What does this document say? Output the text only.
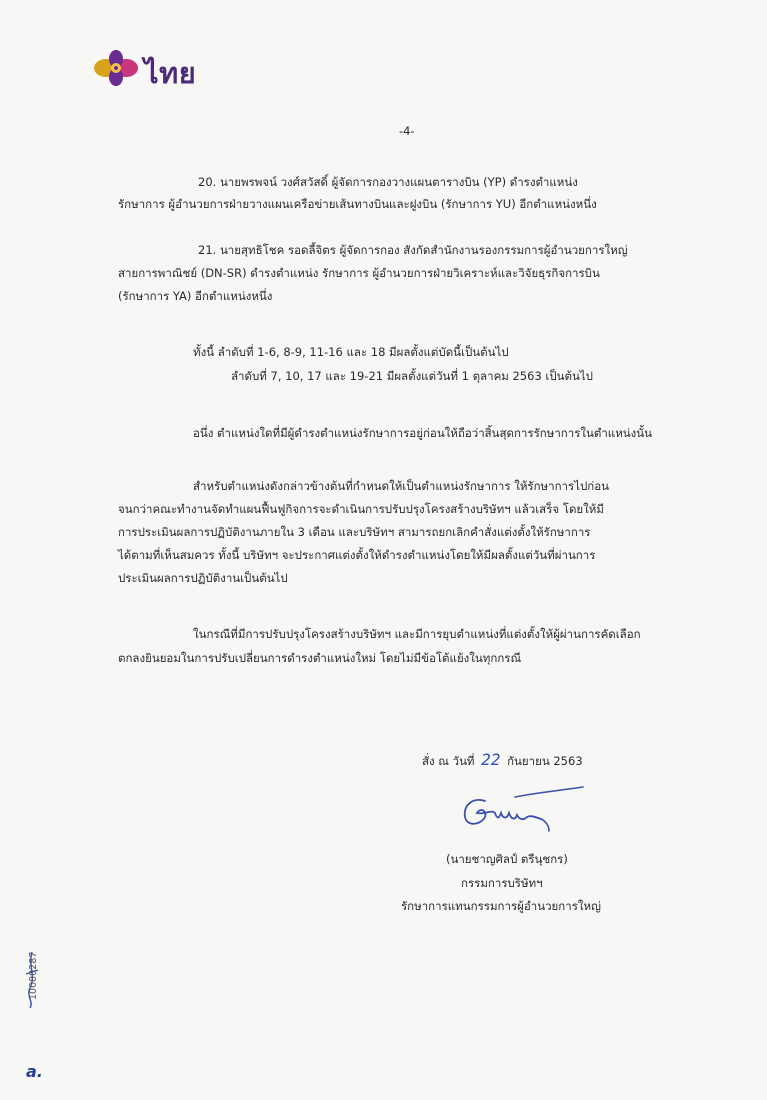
ไทย
-4-
20. นายพรพจน์ วงศ์สวัสดิ์ ผู้จัดการกองวางแผนตารางบิน (YP) ดำรงตำแหน่ง
รักษาการ ผู้อำนวยการฝ่ายวางแผนเครือข่ายเส้นทางบินและฝูงบิน (รักษาการ YU) อีกตำแหน่งหนึ่ง
21. นายสุทธิโชค รอดลี้จิตร ผู้จัดการกอง สังกัดสำนักงานรองกรรมการผู้อำนวยการใหญ่
สายการพาณิชย์ (DN-SR) ดำรงตำแหน่ง รักษาการ ผู้อำนวยการฝ่ายวิเคราะห์และวิจัยธุรกิจการบิน
(รักษาการ YA) อีกตำแหน่งหนึ่ง
ทั้งนี้ ลำดับที่ 1-6, 8-9, 11-16 และ 18 มีผลตั้งแต่บัดนี้เป็นต้นไป
ลำดับที่ 7, 10, 17 และ 19-21 มีผลตั้งแต่วันที่ 1 ตุลาคม 2563 เป็นต้นไป
อนึ่ง ตำแหน่งใดที่มีผู้ดำรงตำแหน่งรักษาการอยู่ก่อนให้ถือว่าสิ้นสุดการรักษาการในตำแหน่งนั้น
สำหรับตำแหน่งดังกล่าวข้างต้นที่กำหนดให้เป็นตำแหน่งรักษาการ ให้รักษาการไปก่อน
จนกว่าคณะทำงานจัดทำแผนฟื้นฟูกิจการจะดำเนินการปรับปรุงโครงสร้างบริษัทฯ แล้วเสร็จ โดยให้มี
การประเมินผลการปฏิบัติงานภายใน 3 เดือน และบริษัทฯ สามารถยกเลิกคำสั่งแต่งตั้งให้รักษาการ
ได้ตามที่เห็นสมควร ทั้งนี้ บริษัทฯ จะประกาศแต่งตั้งให้ดำรงตำแหน่งโดยให้มีผลตั้งแต่วันที่ผ่านการ
ประเมินผลการปฏิบัติงานเป็นต้นไป
ในกรณีที่มีการปรับปรุงโครงสร้างบริษัทฯ และมีการยุบตำแหน่งที่แต่งตั้งให้ผู้ผ่านการคัดเลือก
ตกลงยินยอมในการปรับเปลี่ยนการดำรงตำแหน่งใหม่ โดยไม่มีข้อโต้แย้งในทุกกรณี
สั่ง ณ วันที่ 22 กันยายน 2563
(นายชาญศิลป์ ตรีนุชกร)
กรรมการบริษัทฯ
รักษาการแทนกรรมการผู้อำนวยการใหญ่
10000287
a.
